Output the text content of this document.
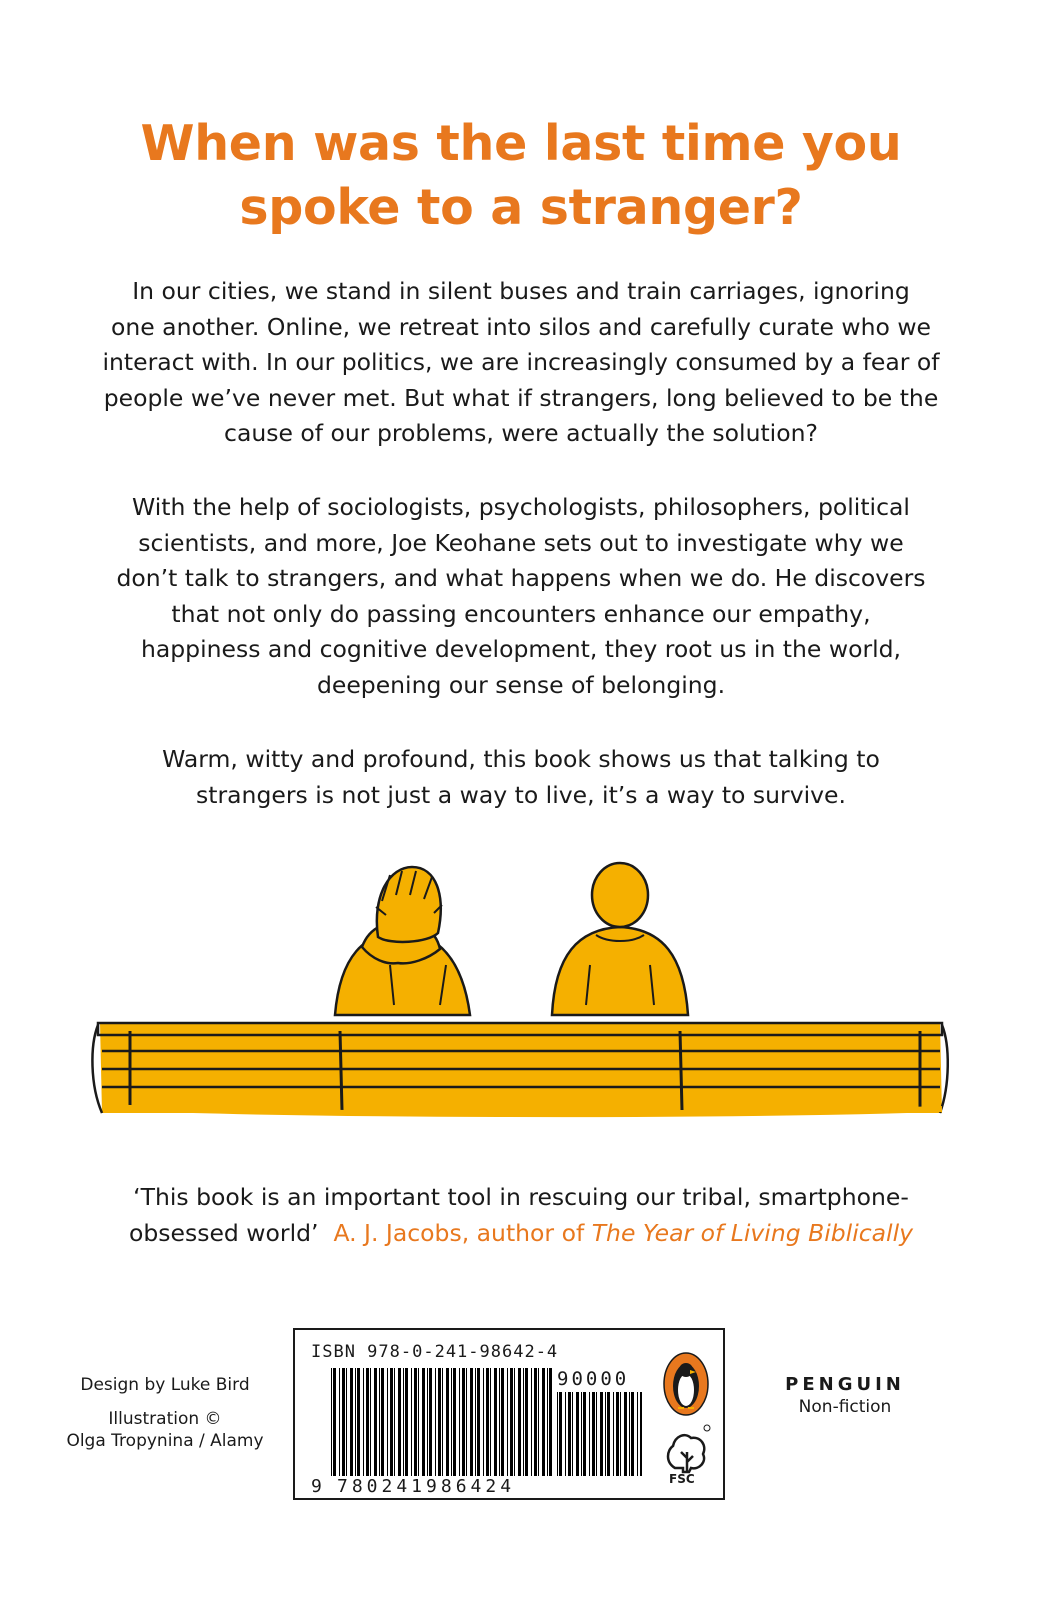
When was the last time you
spoke to a stranger?

In our cities, we stand in silent buses and train carriages, ignoring
one another. Online, we retreat into silos and carefully curate who we
interact with. In our politics, we are increasingly consumed by a fear of
people we’ve never met. But what if strangers, long believed to be the
cause of our problems, were actually the solution?

With the help of sociologists, psychologists, philosophers, political
scientists, and more, Joe Keohane sets out to investigate why we
don’t talk to strangers, and what happens when we do. He discovers
that not only do passing encounters enhance our empathy,
happiness and cognitive development, they root us in the world,
deepening our sense of belonging.

Warm, witty and profound, this book shows us that talking to
strangers is not just a way to live, it’s a way to survive.

‘This book is an important tool in rescuing our tribal, smartphone-
obsessed world’ A. J. Jacobs, author of The Year of Living Biblically

Design by Luke Bird

Illustration ©
Olga Tropynina / Alamy

ISBN 978-0-241-98642-4
90000
9 780241986424	FSC

PENGUIN

Non-fiction
